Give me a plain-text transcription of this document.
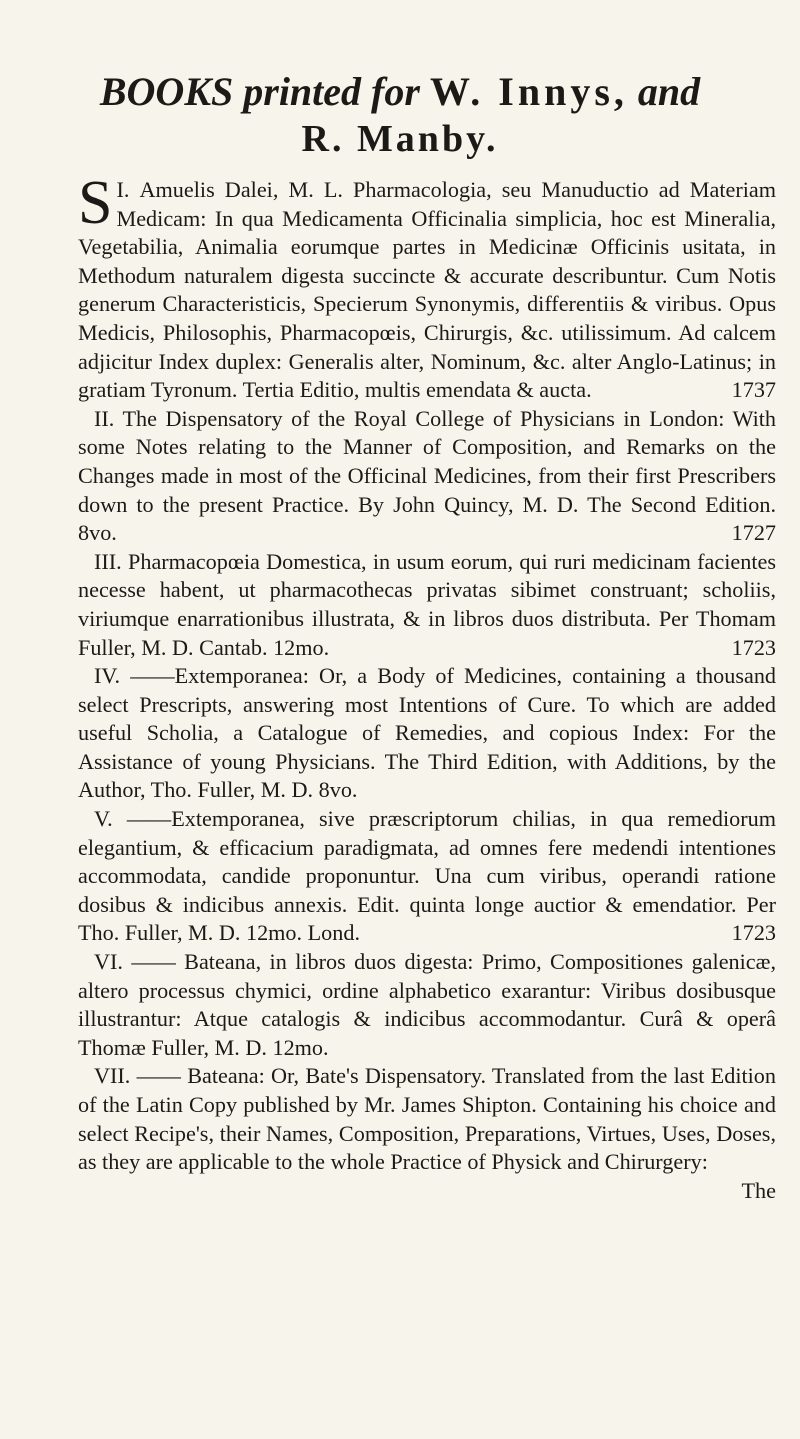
BOOKS printed for W. Innys, and
R. Manby.

I.
S Amuelis Dalei, M. L. Pharmacologia, seu Manuductio ad Materiam Medicam: In qua Medicamenta Officinalia simplicia, hoc est Mineralia, Vegetabilia, Animalia eorumque partes in Medicinæ Officinis usitata, in Methodum naturalem digesta succincte & accurate describuntur. Cum Notis generum Characteristicis, Specierum Synonymis, differentiis & viribus. Opus Medicis, Philosophis, Pharmacopœis, Chirurgis, &c. utilissimum. Ad calcem adjicitur Index duplex: Generalis alter, Nominum, &c. alter Anglo-Latinus; in gratiam Tyronum. Tertia Editio, multis emendata & aucta.	1737

II. The Dispensatory of the Royal College of Physicians in London: With some Notes relating to the Manner of Composition, and Remarks on the Changes made in most of the Officinal Medicines, from their first Prescribers down to the present Practice. By John Quincy, M. D. The Second Edition. 8vo.	1727

III. Pharmacopœia Domestica, in usum eorum, qui ruri medicinam facientes necesse habent, ut pharmacothecas privatas sibimet construant; scholiis, viriumque enarrationibus illustrata, & in libros duos distributa. Per Thomam Fuller, M. D. Cantab. 12mo.	1723

IV. ——Extemporanea: Or, a Body of Medicines, containing a thousand select Prescripts, answering most Intentions of Cure. To which are added useful Scholia, a Catalogue of Remedies, and copious Index: For the Assistance of young Physicians. The Third Edition, with Additions, by the Author, Tho. Fuller, M. D. 8vo.

V. ——Extemporanea, sive præscriptorum chilias, in qua remediorum elegantium, & efficacium paradigmata, ad omnes fere medendi intentiones accommodata, candide proponuntur. Una cum viribus, operandi ratione dosibus & indicibus annexis. Edit. quinta longe auctior & emendatior. Per Tho. Fuller, M. D. 12mo. Lond.	1723

VI. —— Bateana, in libros duos digesta: Primo, Compositiones galenicæ, altero processus chymici, ordine alphabetico exarantur: Viribus dosibusque illustrantur: Atque catalogis & indicibus accommodantur. Curâ & operâ Thomæ Fuller, M. D. 12mo.

VII. —— Bateana: Or, Bate's Dispensatory. Translated from the last Edition of the Latin Copy published by Mr. James Shipton. Containing his choice and select Recipe's, their Names, Composition, Preparations, Virtues, Uses, Doses, as they are applicable to the whole Practice of Physick and Chirurgery:

The
